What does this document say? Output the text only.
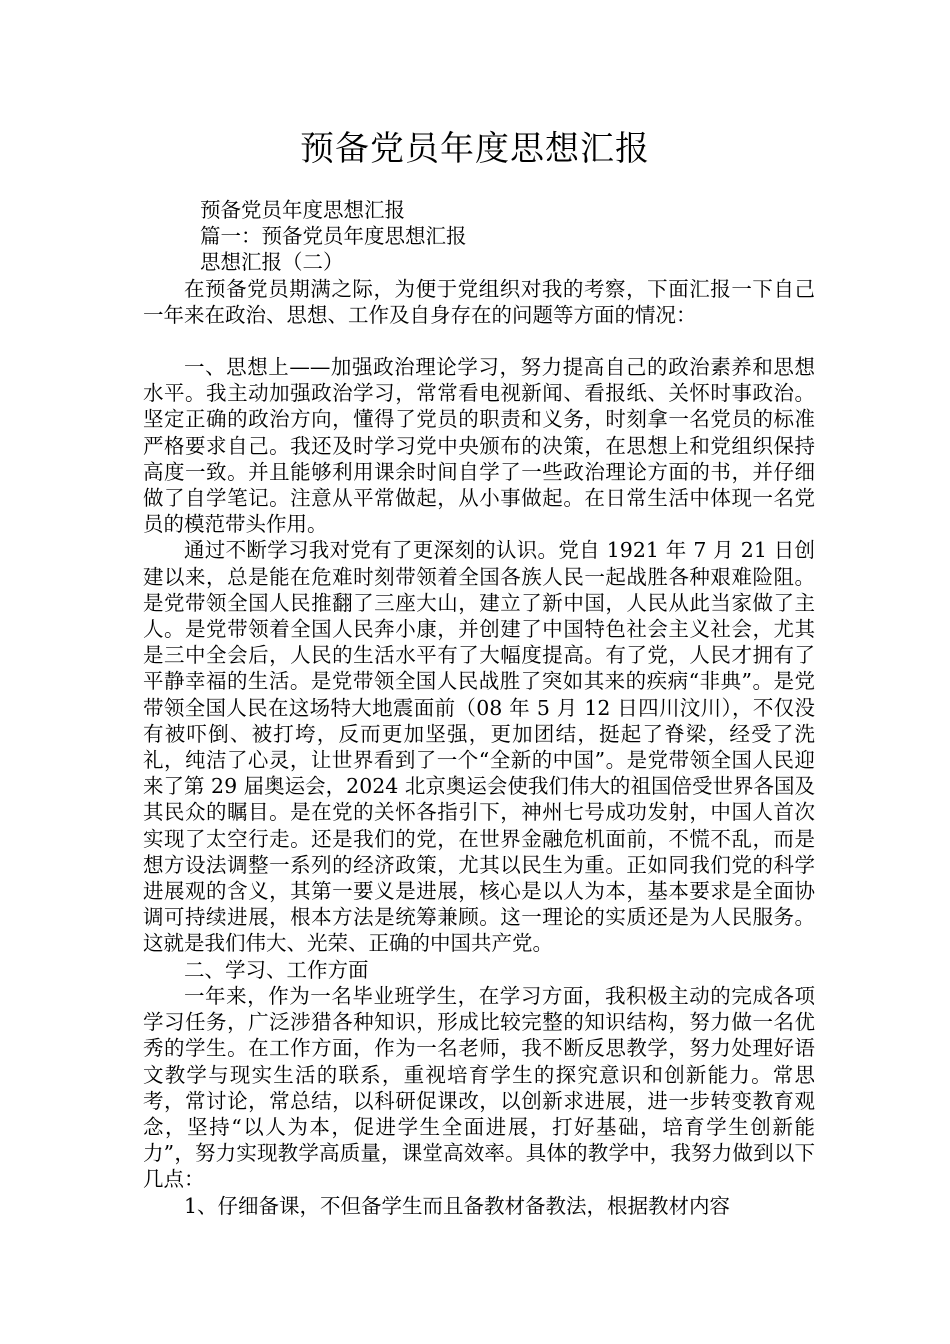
预备党员年度思想汇报

预备党员年度思想汇报

篇一：预备党员年度思想汇报

思想汇报（二）

在预备党员期满之际，为便于党组织对我的考察，下面汇报一下自己一年来在政治、思想、工作及自身存在的问题等方面的情况：

一、思想上——加强政治理论学习，努力提高自己的政治素养和思想水平。我主动加强政治学习，常常看电视新闻、看报纸、关怀时事政治。坚定正确的政治方向，懂得了党员的职责和义务，时刻拿一名党员的标准严格要求自己。我还及时学习党中央颁布的决策，在思想上和党组织保持高度一致。并且能够利用课余时间自学了一些政治理论方面的书，并仔细做了自学笔记。注意从平常做起，从小事做起。在日常生活中体现一名党员的模范带头作用。

通过不断学习我对党有了更深刻的认识。党自 1921 年 7 月 21 日创建以来，总是能在危难时刻带领着全国各族人民一起战胜各种艰难险阻。是党带领全国人民推翻了三座大山，建立了新中国，人民从此当家做了主人。是党带领着全国人民奔小康，并创建了中国特色社会主义社会，尤其是三中全会后，人民的生活水平有了大幅度提高。有了党，人民才拥有了平静幸福的生活。是党带领全国人民战胜了突如其来的疾病“非典”。是党带领全国人民在这场特大地震面前（08 年 5 月 12 日四川汶川），不仅没有被吓倒、被打垮，反而更加坚强，更加团结，挺起了脊梁，经受了洗礼，纯洁了心灵，让世界看到了一个“全新的中国”。是党带领全国人民迎来了第 29 届奥运会，2024 北京奥运会使我们伟大的祖国倍受世界各国及其民众的瞩目。是在党的关怀各指引下，神州七号成功发射，中国人首次实现了太空行走。还是我们的党，在世界金融危机面前，不慌不乱，而是想方设法调整一系列的经济政策，尤其以民生为重。正如同我们党的科学进展观的含义，其第一要义是进展，核心是以人为本，基本要求是全面协调可持续进展，根本方法是统筹兼顾。这一理论的实质还是为人民服务。这就是我们伟大、光荣、正确的中国共产党。

二、学习、工作方面

一年来，作为一名毕业班学生，在学习方面，我积极主动的完成各项学习任务，广泛涉猎各种知识，形成比较完整的知识结构，努力做一名优秀的学生。在工作方面，作为一名老师，我不断反思教学，努力处理好语文教学与现实生活的联系，重视培育学生的探究意识和创新能力。常思考，常讨论，常总结，以科研促课改，以创新求进展，进一步转变教育观念，坚持“以人为本，促进学生全面进展，打好基础，培育学生创新能力”，努力实现教学高质量，课堂高效率。具体的教学中，我努力做到以下几点：

1、仔细备课，不但备学生而且备教材备教法，根据教材内容
